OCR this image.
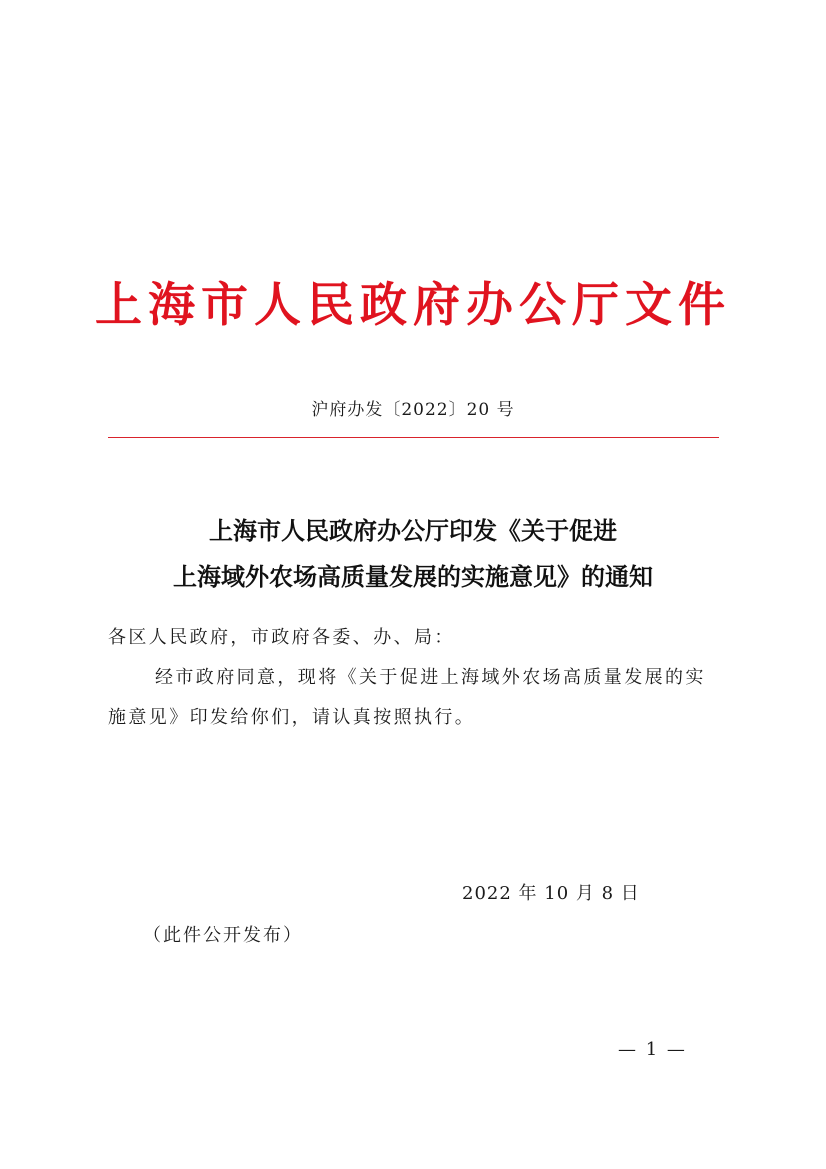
上海市人民政府办公厅文件
沪府办发〔2022〕20 号
上海市人民政府办公厅印发《关于促进
上海域外农场高质量发展的实施意见》的通知
各区人民政府，市政府各委、办、局：
经市政府同意，现将《关于促进上海域外农场高质量发展的实
施意见》印发给你们，请认真按照执行。
2022 年 10 月 8 日
（此件公开发布）
— 1 —
